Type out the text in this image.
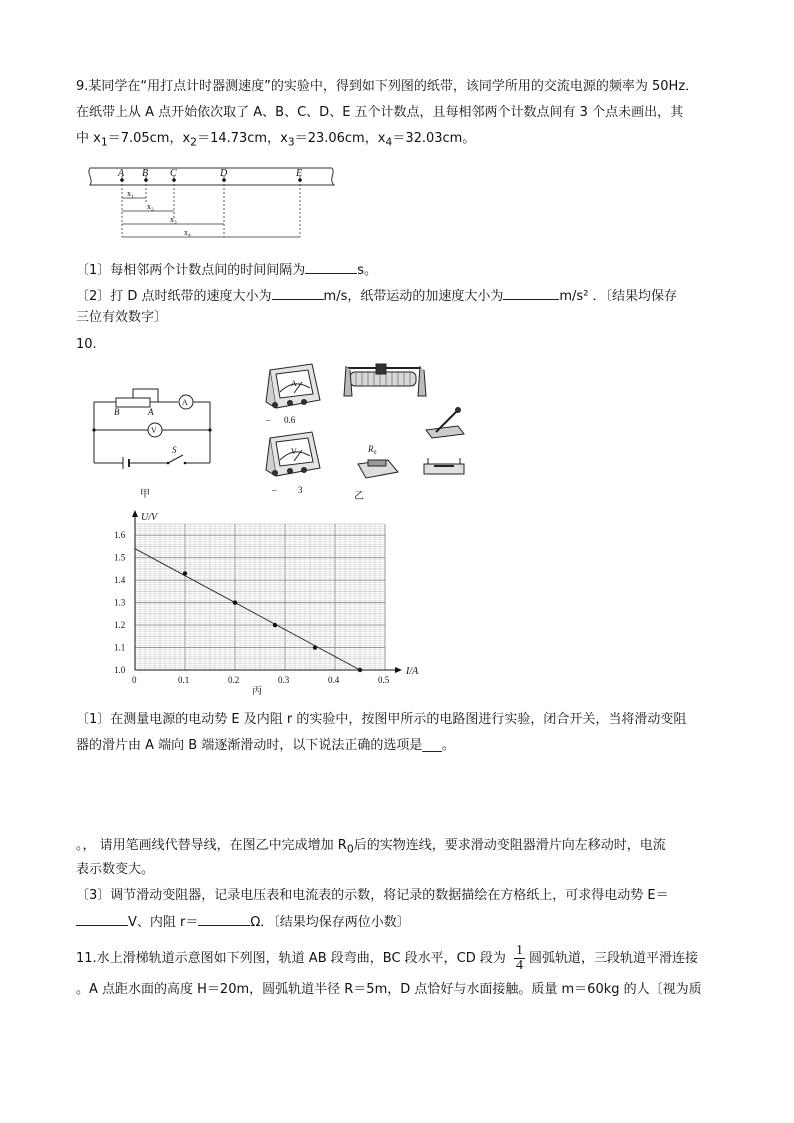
9.某同学在“用打点计时器测速度”的实验中，得到如下列图的纸带，该同学所用的交流电源的频率为 50Hz．
在纸带上从 A 点开始依次取了 A、B、C、D、E 五个计数点，且每相邻两个计数点间有 3 个点未画出，其
中 $x_1=7.05cm$，$x_2=14.73cm$，$x_3=23.06cm$，$x_4=32.03cm$。
A B C	D	E
x₁
x₂
x₃
x₄
〔1〕每相邻两个计数点间的时间间隔为	s。
〔2〕打 D 点时纸带的速度大小为	m/s，纸带运动的加速度大小为	m/s² ．〔结果均保存
三位有效数字〕
10.
B	A
A
V
S
甲
A
– 0.6
V
– 3
R₀
乙
U/V
I/A
1.0
1.1
1.2
1.3
1.4
1.5
1.6
0	0.1	0.2	0.3	0.4	0.5
丙
〔1〕在测量电源的电动势 E 及内阻 r 的实验中，按图甲所示的电路图进行实验，闭合开关，当将滑动变阻
器的滑片由 A 端向 B 端逐渐滑动时，以下说法正确的选项是___。
。， 请用笔画线代替导线，在图乙中完成增加 $R_0$后的实物连线，要求滑动变阻器滑片向左移动时，电流
表示数变大。
〔3〕调节滑动变阻器，记录电压表和电流表的示数，将记录的数据描绘在方格纸上，可求得电动势 E＝
V、内阻 r＝	Ω．〔结果均保存两位小数〕
11.水上滑梯轨道示意图如下列图，轨道 AB 段弯曲，BC 段水平，CD 段为 $\frac{1}{4}$ 圆弧轨道，三段轨道平滑连接
。A 点距水面的高度 H＝20m，圆弧轨道半径 R＝5m，D 点恰好与水面接触。质量 m＝60kg 的人〔视为质
